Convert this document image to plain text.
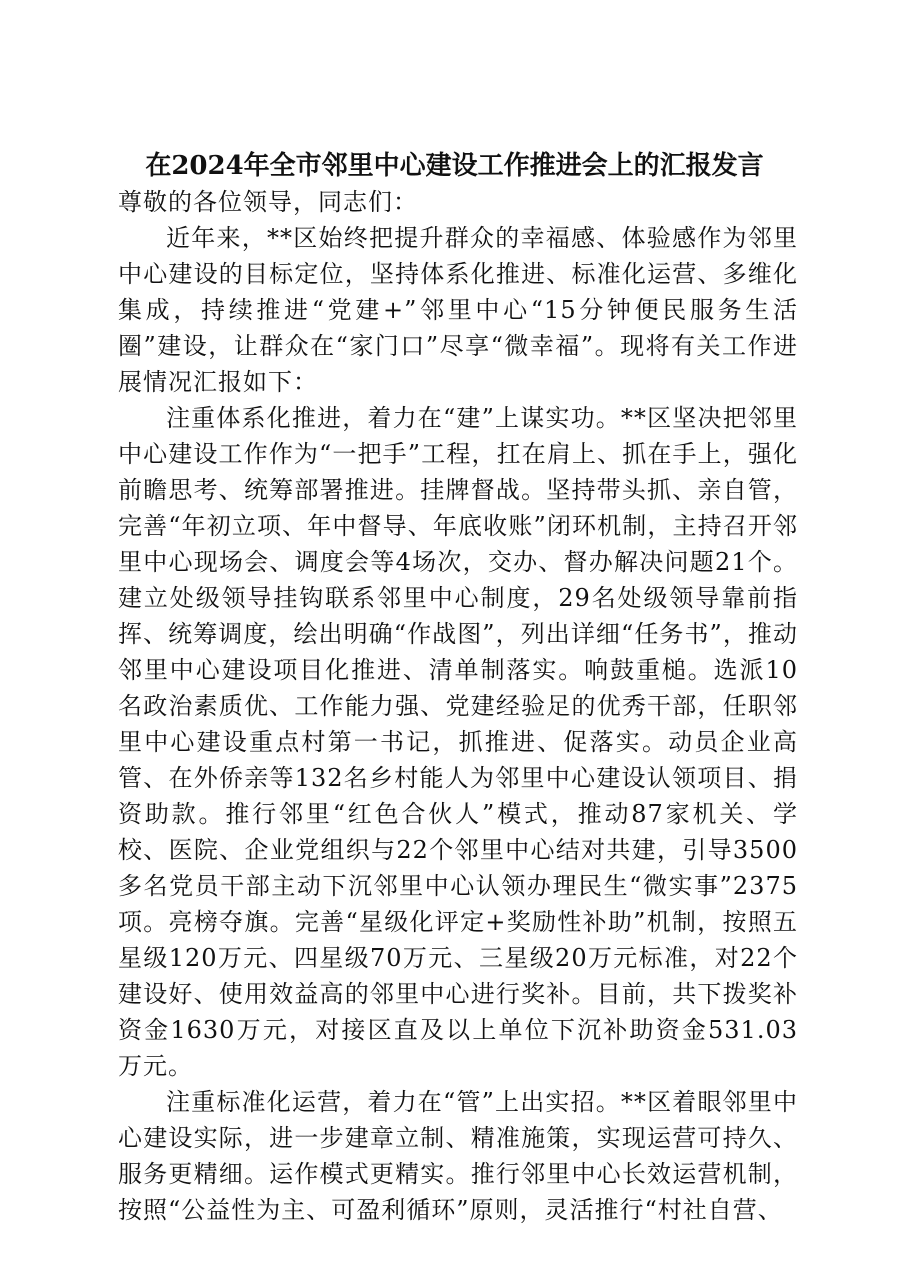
在2024年全市邻里中心建设工作推进会上的汇报发言

尊敬的各位领导，同志们：

近年来，**区始终把提升群众的幸福感、体验感作为邻里中心建设的目标定位，坚持体系化推进、标准化运营、多维化集成，持续推进“党建+”邻里中心“15分钟便民服务生活圈”建设，让群众在“家门口”尽享“微幸福”。现将有关工作进展情况汇报如下：

注重体系化推进，着力在“建”上谋实功。**区坚决把邻里中心建设工作作为“一把手”工程，扛在肩上、抓在手上，强化前瞻思考、统筹部署推进。挂牌督战。坚持带头抓、亲自管，完善“年初立项、年中督导、年底收账”闭环机制，主持召开邻里中心现场会、调度会等4场次，交办、督办解决问题21个。建立处级领导挂钩联系邻里中心制度，29名处级领导靠前指挥、统筹调度，绘出明确“作战图”，列出详细“任务书”，推动邻里中心建设项目化推进、清单制落实。响鼓重槌。选派10名政治素质优、工作能力强、党建经验足的优秀干部，任职邻里中心建设重点村第一书记，抓推进、促落实。动员企业高管、在外侨亲等132名乡村能人为邻里中心建设认领项目、捐资助款。推行邻里“红色合伙人”模式，推动87家机关、学校、医院、企业党组织与22个邻里中心结对共建，引导3500多名党员干部主动下沉邻里中心认领办理民生“微实事”2375项。亮榜夺旗。完善“星级化评定+奖励性补助”机制，按照五星级120万元、四星级70万元、三星级20万元标准，对22个建设好、使用效益高的邻里中心进行奖补。目前，共下拨奖补资金1630万元，对接区直及以上单位下沉补助资金531.03万元。

注重标准化运营，着力在“管”上出实招。**区着眼邻里中心建设实际，进一步建章立制、精准施策，实现运营可持久、服务更精细。运作模式更精实。推行邻里中心长效运营机制，按照“公益性为主、可盈利循环”原则，灵活推行“村社自营、
